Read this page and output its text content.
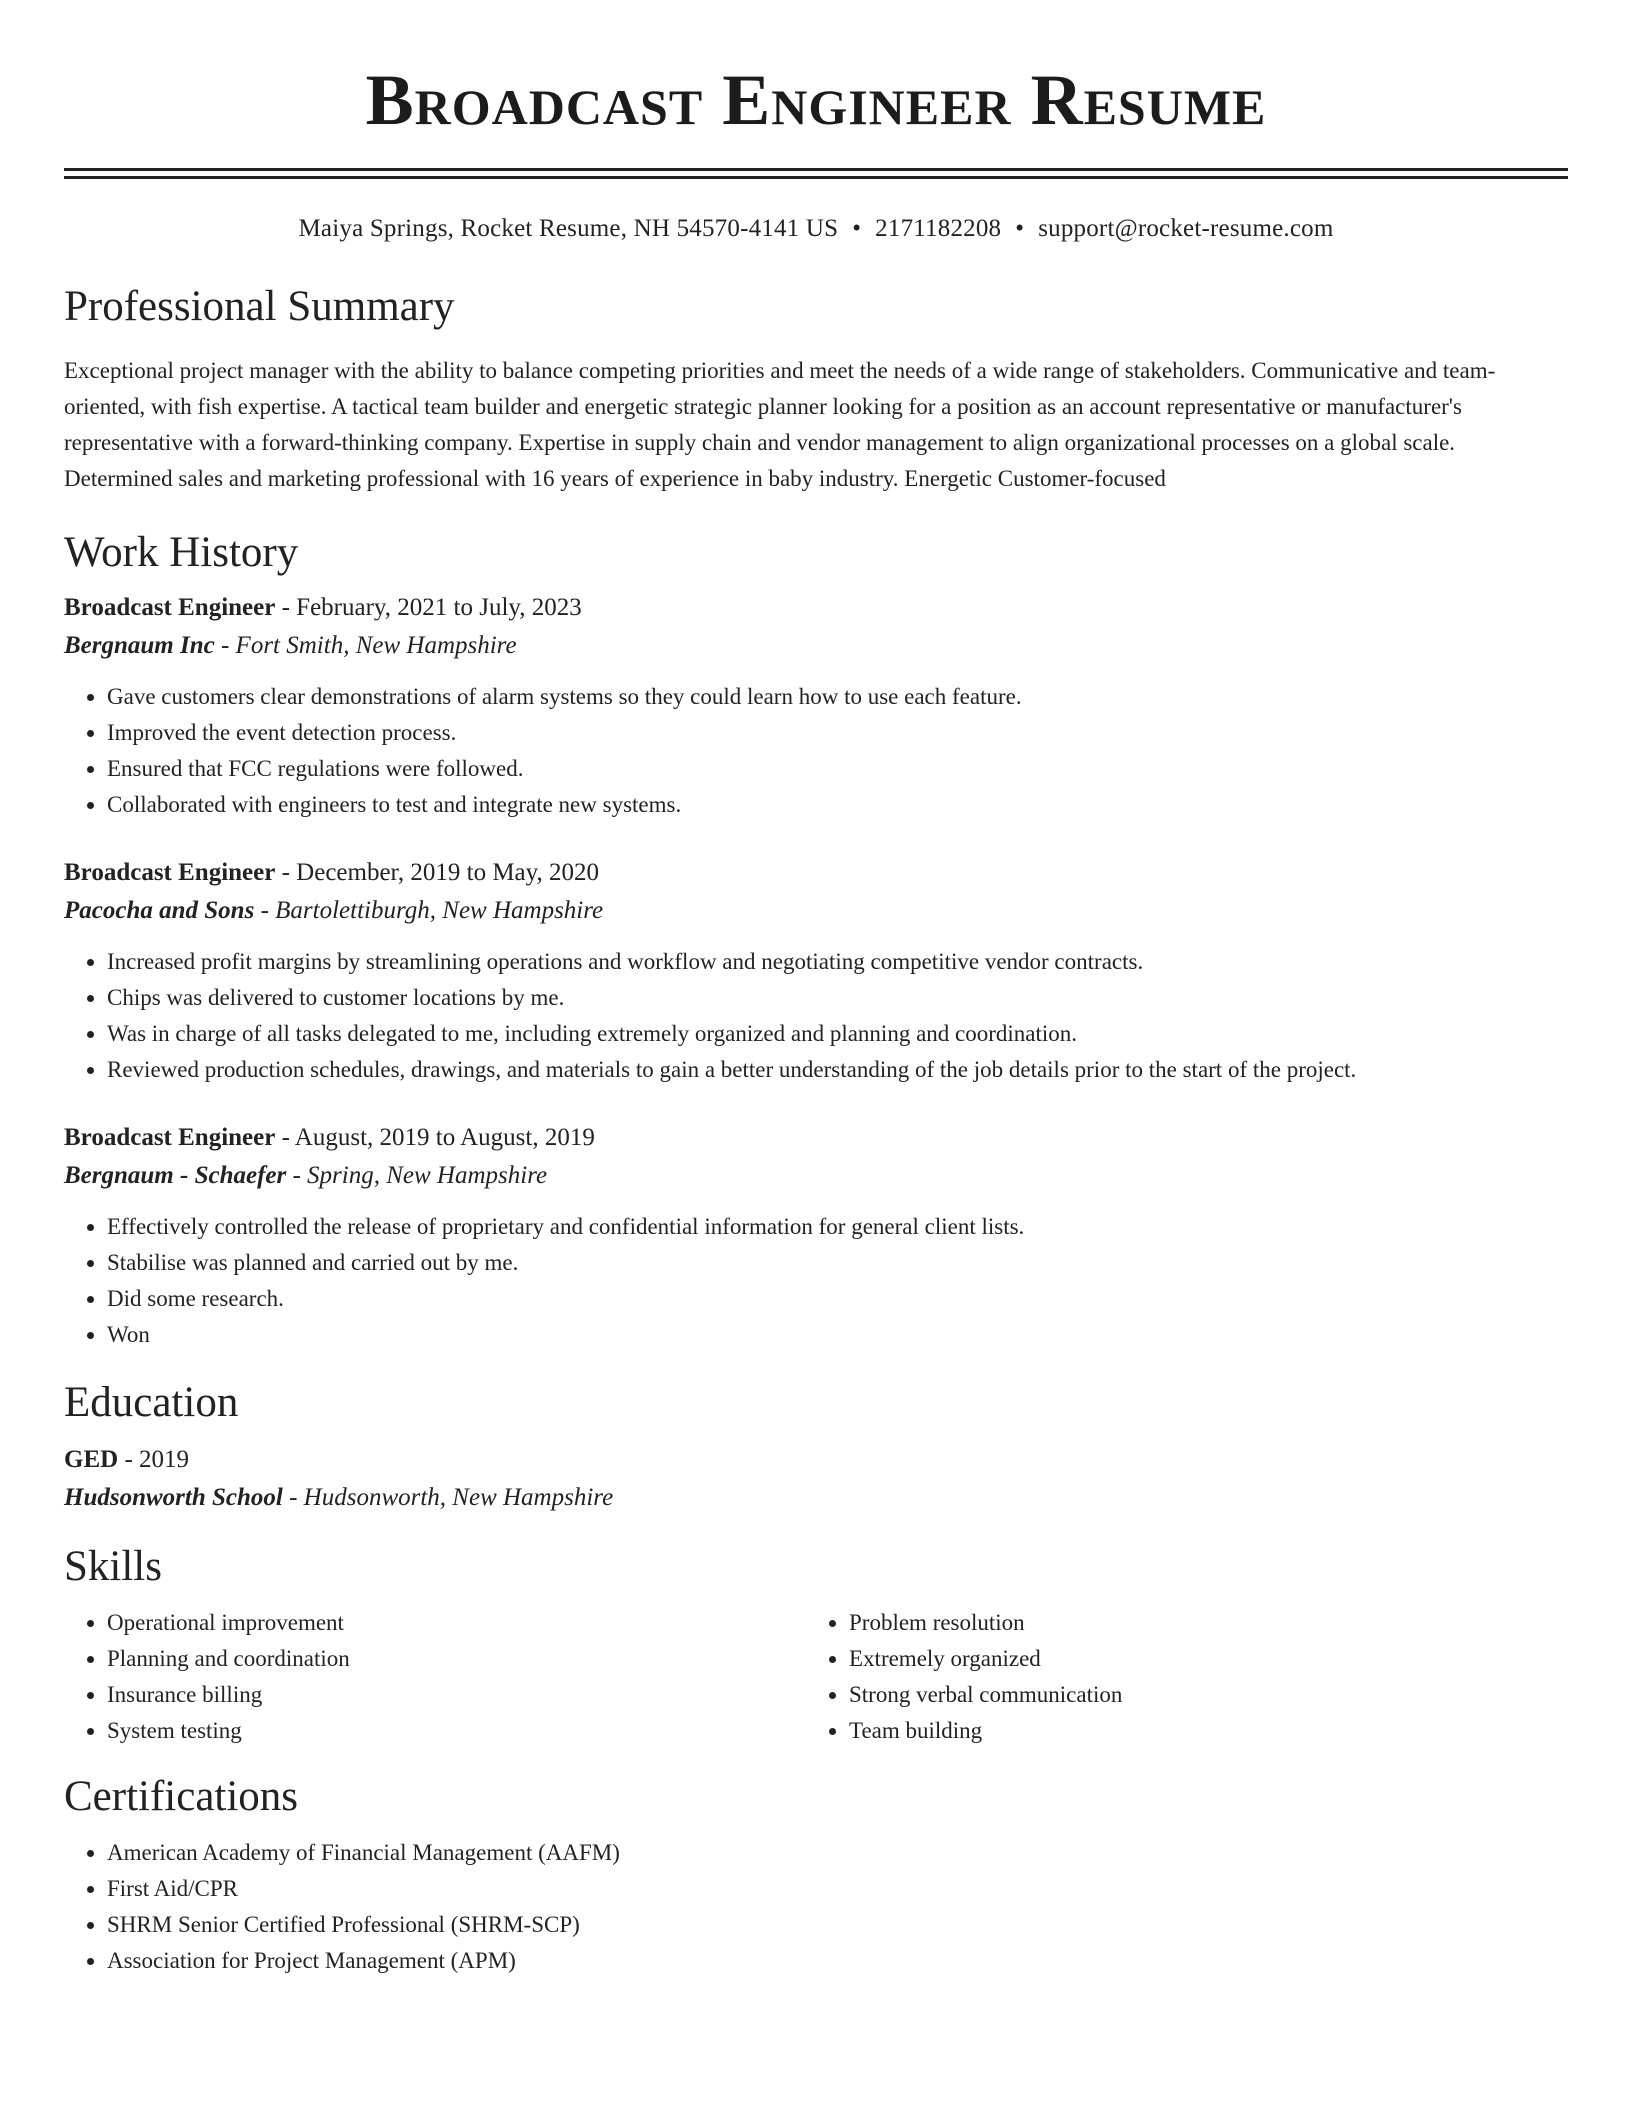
Broadcast Engineer Resume
Maiya Springs, Rocket Resume, NH 54570-4141 US • 2171182208 • support@rocket-resume.com
Professional Summary
Exceptional project manager with the ability to balance competing priorities and meet the needs of a wide range of stakeholders. Communicative and team-oriented, with fish expertise. A tactical team builder and energetic strategic planner looking for a position as an account representative or manufacturer's representative with a forward-thinking company. Expertise in supply chain and vendor management to align organizational processes on a global scale. Determined sales and marketing professional with 16 years of experience in baby industry. Energetic Customer-focused
Work History
Broadcast Engineer - February, 2021 to July, 2023
Bergnaum Inc - Fort Smith, New Hampshire
• Gave customers clear demonstrations of alarm systems so they could learn how to use each feature.
• Improved the event detection process.
• Ensured that FCC regulations were followed.
• Collaborated with engineers to test and integrate new systems.
Broadcast Engineer - December, 2019 to May, 2020
Pacocha and Sons - Bartolettiburgh, New Hampshire
• Increased profit margins by streamlining operations and workflow and negotiating competitive vendor contracts.
• Chips was delivered to customer locations by me.
• Was in charge of all tasks delegated to me, including extremely organized and planning and coordination.
• Reviewed production schedules, drawings, and materials to gain a better understanding of the job details prior to the start of the project.
Broadcast Engineer - August, 2019 to August, 2019
Bergnaum - Schaefer - Spring, New Hampshire
• Effectively controlled the release of proprietary and confidential information for general client lists.
• Stabilise was planned and carried out by me.
• Did some research.
• Won
Education
GED - 2019
Hudsonworth School - Hudsonworth, New Hampshire
Skills
• Operational improvement
• Planning and coordination
• Insurance billing
• System testing
• Problem resolution
• Extremely organized
• Strong verbal communication
• Team building
Certifications
• American Academy of Financial Management (AAFM)
• First Aid/CPR
• SHRM Senior Certified Professional (SHRM-SCP)
• Association for Project Management (APM)
